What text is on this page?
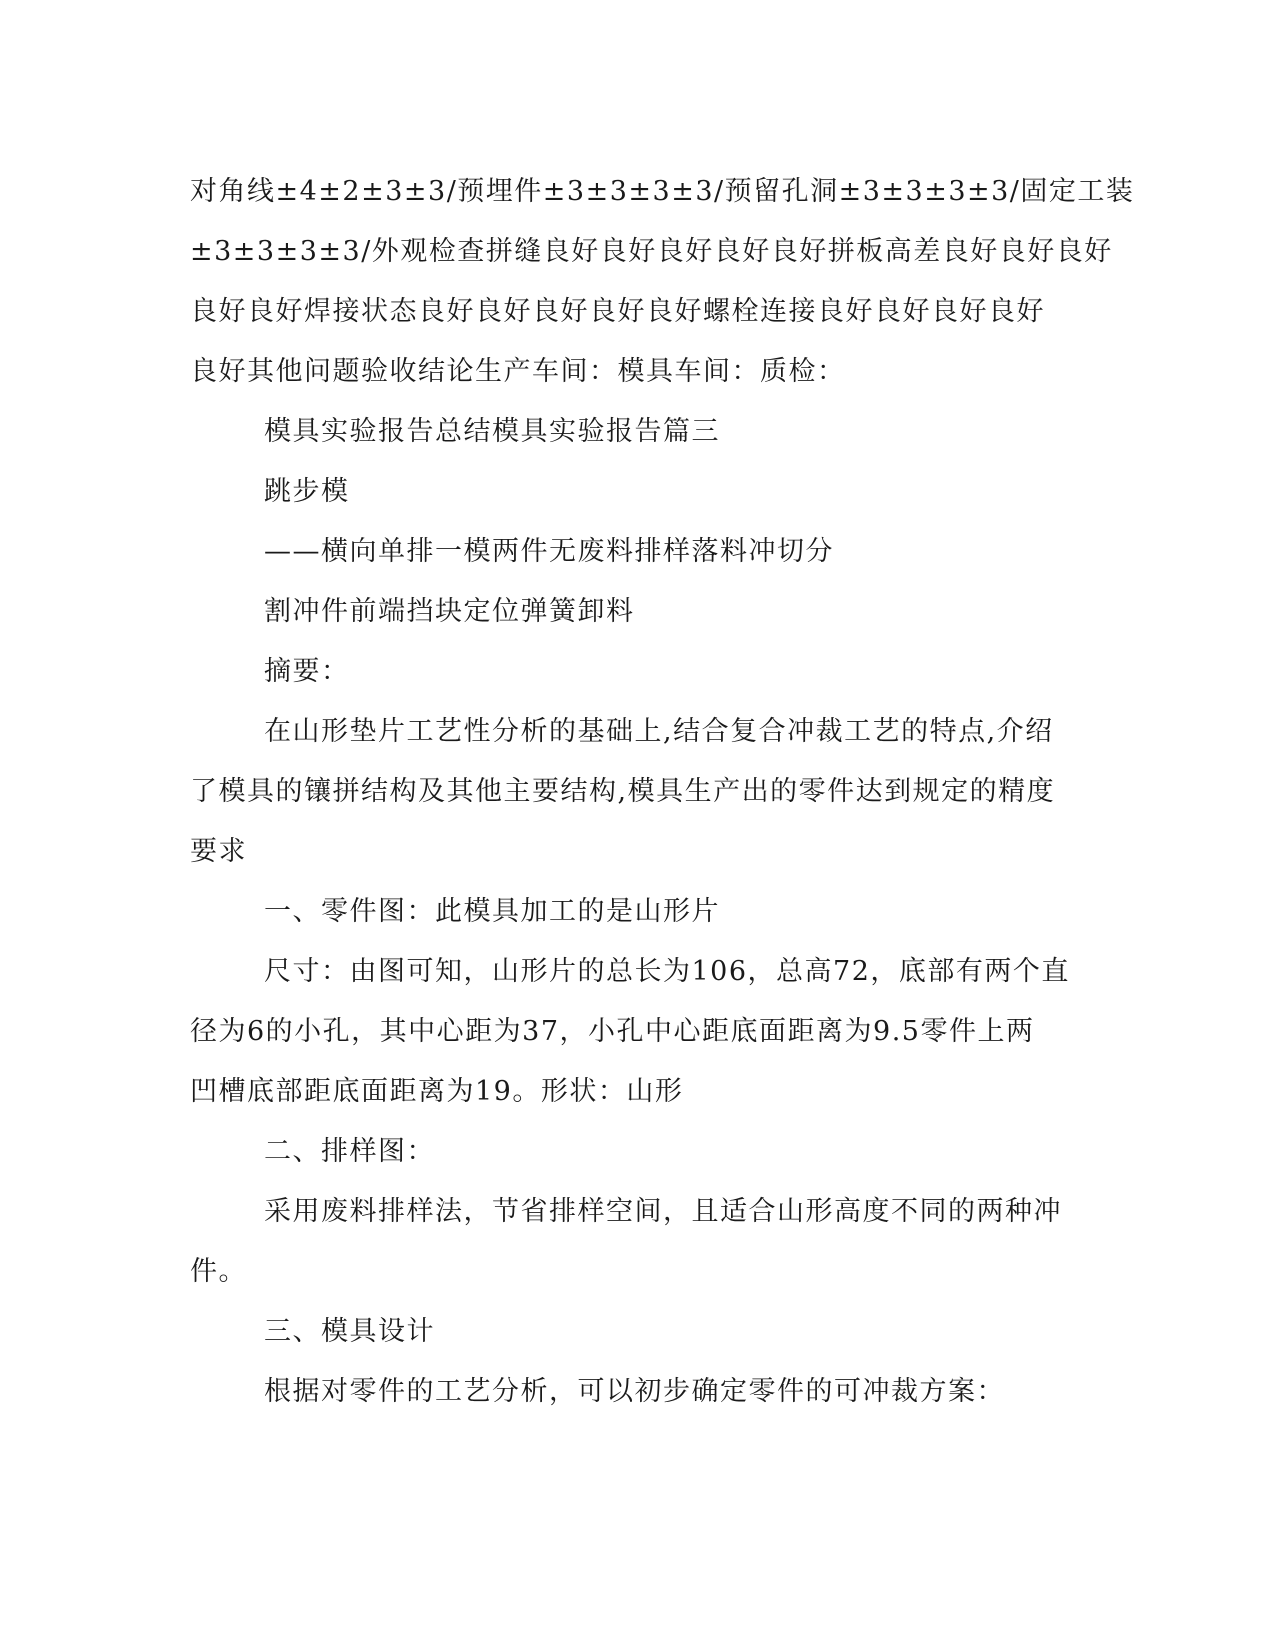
对角线±4±2±3±3/预埋件±3±3±3±3/预留孔洞±3±3±3±3/固定工装

±3±3±3±3/外观检查拼缝良好良好良好良好良好拼板高差良好良好良好

良好良好焊接状态良好良好良好良好良好螺栓连接良好良好良好良好

良好其他问题验收结论生产车间：模具车间：质检：

模具实验报告总结模具实验报告篇三

跳步模

——横向单排一模两件无废料排样落料冲切分

割冲件前端挡块定位弹簧卸料

摘要：

在山形垫片工艺性分析的基础上,结合复合冲裁工艺的特点,介绍

了模具的镶拼结构及其他主要结构,模具生产出的零件达到规定的精度

要求

一、零件图：此模具加工的是山形片

尺寸：由图可知，山形片的总长为106，总高72，底部有两个直

径为6的小孔，其中心距为37，小孔中心距底面距离为9.5零件上两

凹槽底部距底面距离为19。形状：山形

二、排样图：

采用废料排样法，节省排样空间，且适合山形高度不同的两种冲

件。

三、模具设计

根据对零件的工艺分析，可以初步确定零件的可冲裁方案：
